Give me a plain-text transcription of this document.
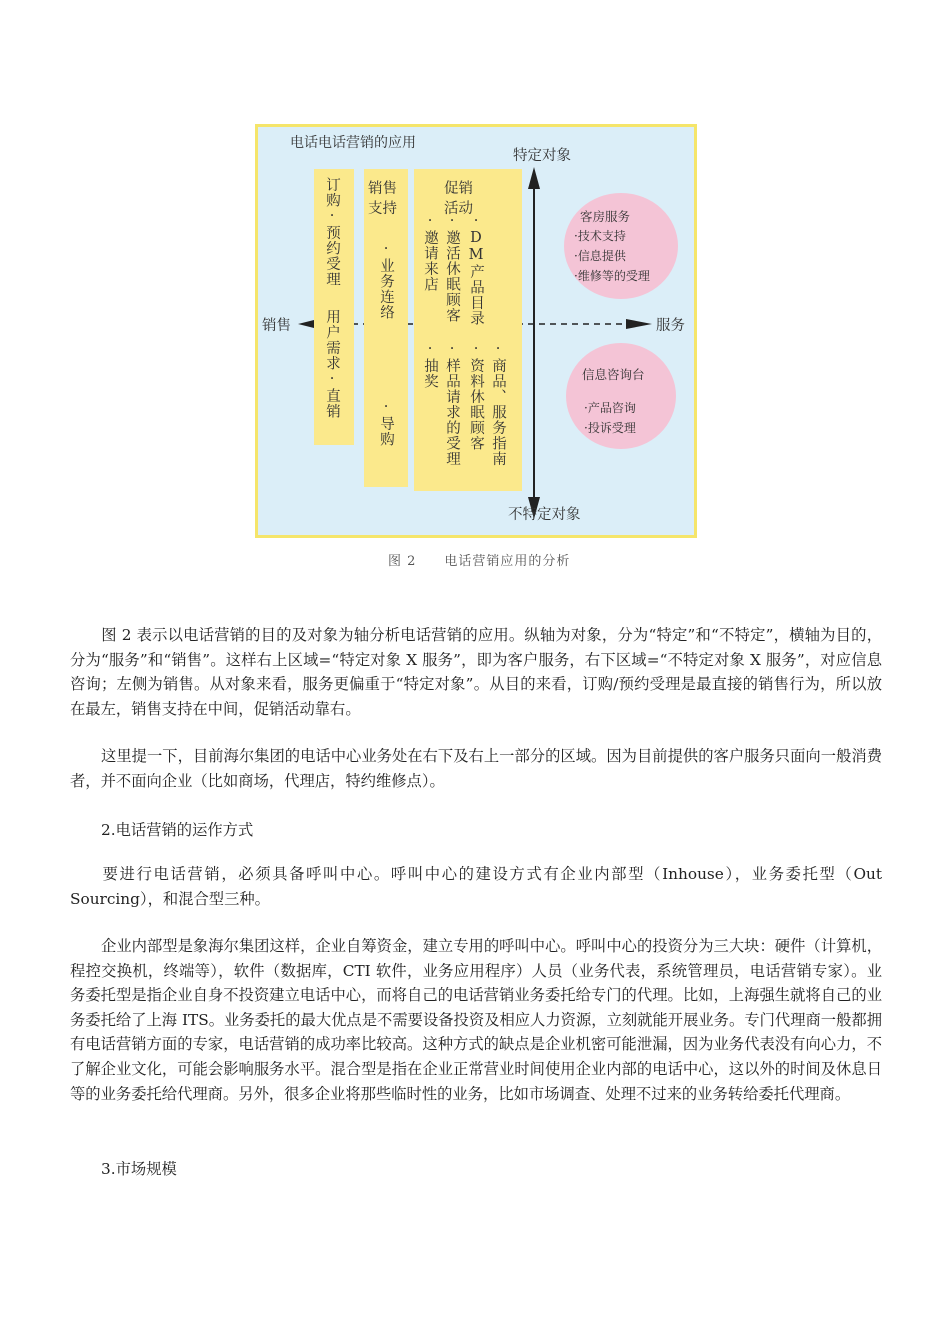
电话电话营销的应用
特定对象
不特定对象
销售	服务
订购·预约受理
用户需求·直销
销售支持
·业务连络
·导购
促销活动
·邀请来店
·抽奖
·邀活休眠顾客
·样品请求的受理
·DM产品目录
·资料休眠顾客 ·商品、服务指南
客房服务
·技术支持
·信息提供
·维修等的受理
信息咨询台
·产品咨询
·投诉受理
图 2　　电话营销应用的分析

图 2 表示以电话营销的目的及对象为轴分析电话营销的应用。纵轴为对象，分为“特定”和“不特定”，横轴为目的，分为“服务”和“销售”。这样右上区域=“特定对象 X 服务”，即为客户服务，右下区域=“不特定对象 X 服务”，对应信息咨询；左侧为销售。从对象来看，服务更偏重于“特定对象”。从目的来看，订购/预约受理是最直接的销售行为，所以放在最左，销售支持在中间，促销活动靠右。

这里提一下，目前海尔集团的电话中心业务处在右下及右上一部分的区域。因为目前提供的客户服务只面向一般消费者，并不面向企业（比如商场，代理店，特约维修点）。

2.电话营销的运作方式

要进行电话营销，必须具备呼叫中心。呼叫中心的建设方式有企业内部型（Inhouse），业务委托型（Out Sourcing），和混合型三种。

企业内部型是象海尔集团这样，企业自筹资金，建立专用的呼叫中心。呼叫中心的投资分为三大块：硬件（计算机，程控交换机，终端等），软件（数据库，CTI 软件，业务应用程序）人员（业务代表，系统管理员，电话营销专家）。业务委托型是指企业自身不投资建立电话中心，而将自己的电话营销业务委托给专门的代理。比如，上海强生就将自己的业务委托给了上海 ITS。业务委托的最大优点是不需要设备投资及相应人力资源，立刻就能开展业务。专门代理商一般都拥有电话营销方面的专家，电话营销的成功率比较高。这种方式的缺点是企业机密可能泄漏，因为业务代表没有向心力，不了解企业文化，可能会影响服务水平。混合型是指在企业正常营业时间使用企业内部的电话中心，这以外的时间及休息日等的业务委托给代理商。另外，很多企业将那些临时性的业务，比如市场调查、处理不过来的业务转给委托代理商。

3.市场规模
